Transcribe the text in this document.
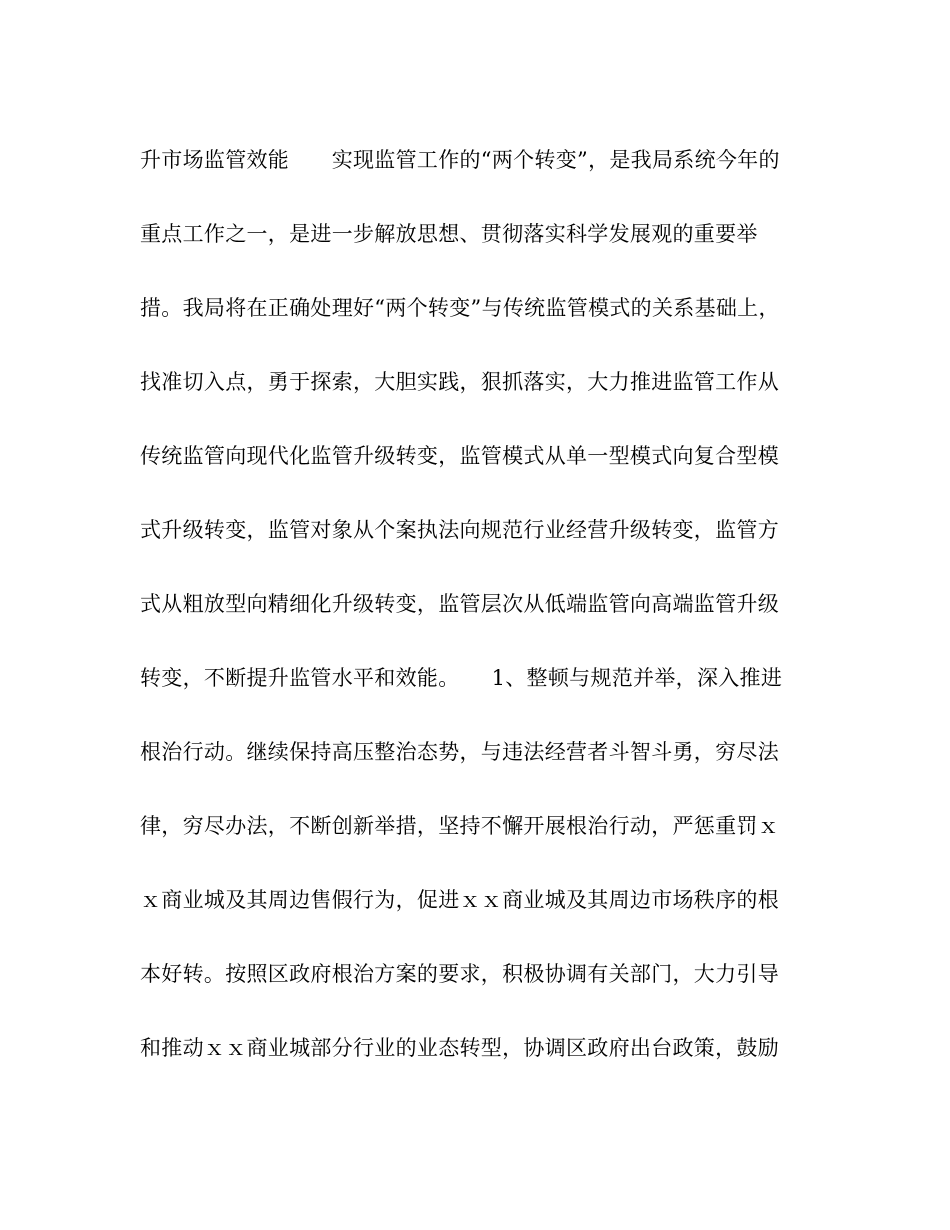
升市场监管效能　　实现监管工作的“两个转变”，是我局系统今年的
重点工作之一，是进一步解放思想、贯彻落实科学发展观的重要举
措。我局将在正确处理好“两个转变”与传统监管模式的关系基础上，
找准切入点，勇于探索，大胆实践，狠抓落实，大力推进监管工作从
传统监管向现代化监管升级转变，监管模式从单一型模式向复合型模
式升级转变，监管对象从个案执法向规范行业经营升级转变，监管方
式从粗放型向精细化升级转变，监管层次从低端监管向高端监管升级
转变，不断提升监管水平和效能。　　1、整顿与规范并举，深入推进
根治行动。继续保持高压整治态势，与违法经营者斗智斗勇，穷尽法
律，穷尽办法，不断创新举措，坚持不懈开展根治行动，严惩重罚ｘ
ｘ商业城及其周边售假行为，促进ｘｘ商业城及其周边市场秩序的根
本好转。按照区政府根治方案的要求，积极协调有关部门，大力引导
和推动ｘｘ商业城部分行业的业态转型，协调区政府出台政策，鼓励
